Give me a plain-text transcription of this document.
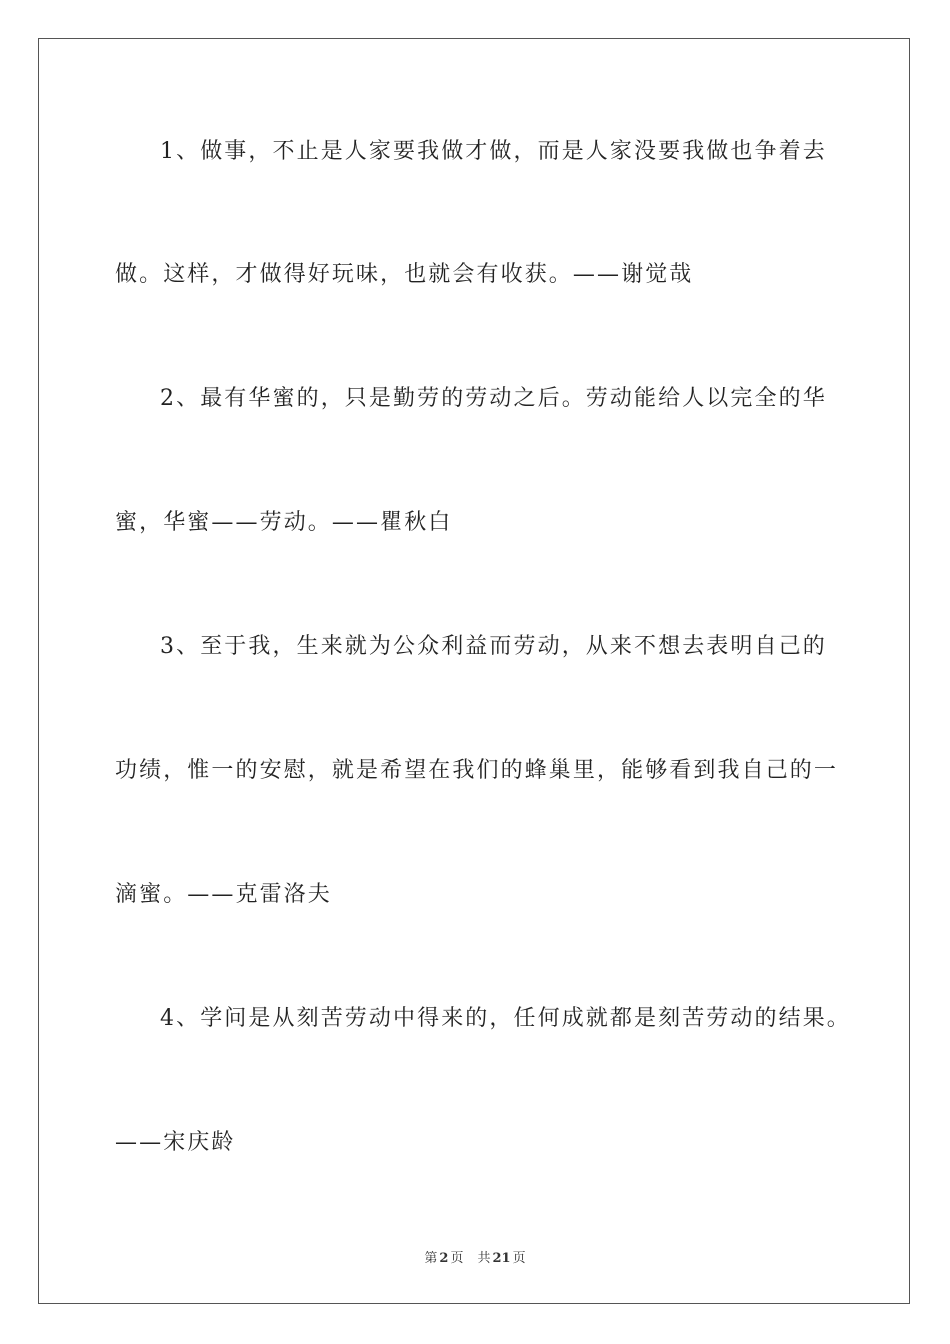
1、做事，不止是人家要我做才做，而是人家没要我做也争着去
做。这样，才做得好玩味，也就会有收获。——谢觉哉
2、最有华蜜的，只是勤劳的劳动之后。劳动能给人以完全的华
蜜，华蜜——劳动。——瞿秋白
3、至于我，生来就为公众利益而劳动，从来不想去表明自己的
功绩，惟一的安慰，就是希望在我们的蜂巢里，能够看到我自己的一
滴蜜。——克雷洛夫
4、学问是从刻苦劳动中得来的，任何成就都是刻苦劳动的结果。
——宋庆龄
第 2 页 共 21 页
